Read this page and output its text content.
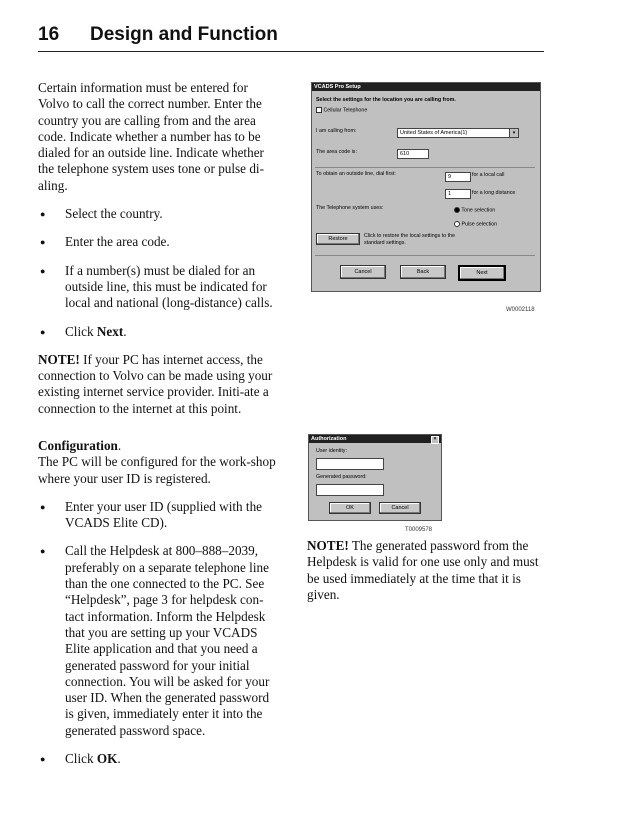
16 Design and Function

Certain information must be entered for Volvo to call the correct number. Enter the country you are calling from and the area code. Indicate whether a number has to be dialed for an outside line. Indicate whether the telephone system uses tone or pulse di-aling.

● Select the country.
● Enter the area code.
● If a number(s) must be dialed for an outside line, this must be indicated for local and national (long-distance) calls.
● Click Next.

NOTE! If your PC has internet access, the connection to Volvo can be made using your existing internet service provider. Initi-ate a connection to the internet at this point.

VCADS Pro Setup
Select the settings for the location you are calling from.
Cellular Telephone
I am calling from:	United States of America(1)	▾
The area code is:	610
To obtain an outside line, dial first:	9	for a local call
1	for a long distance
The Telephone system uses:	Tone selection
Pulse selection
Restore	Click to restore the local settings to the standard settings.
Cancel	Back	Next
W0002118

Configuration.

The PC will be configured for the work-shop where your user ID is registered.

● Enter your user ID (supplied with the VCADS Elite CD).
● Call the Helpdesk at 800–888–2039, preferably on a separate telephone line than the one connected to the PC. See “Helpdesk”, page 3 for helpdesk con-tact information. Inform the Helpdesk that you are setting up your VCADS Elite application and that you need a generated password for your initial connection. You will be asked for your user ID. When the generated password is given, immediately enter it into the generated password space.
● Click OK.
Authorization	×
User identity:
Generated password:
OK	Cancel
T0009578

NOTE! The generated password from the Helpdesk is valid for one use only and must be used immediately at the time that it is given.
